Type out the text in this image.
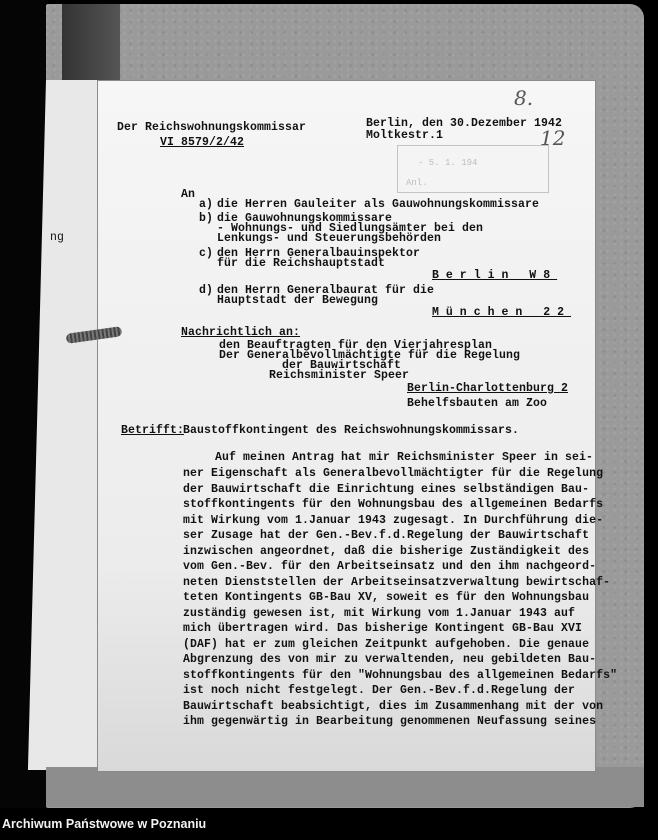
ng
Der Reichswohnungskommissar
VI 8579/2/42
Berlin, den 30.Dezember 1942
Moltkestr.1
8.
12
- 5. 1. 194
Anl.
An
a) die Herren Gauleiter als Gauwohnungskommissare
b) die Gauwohnungskommissare
- Wohnungs- und Siedlungsämter bei den
Lenkungs- und Steuerungsbehörden
c) den Herrn Generalbauinspektor
für die Reichshauptstadt
Berlin W8
d) den Herrn Generalbaurat für die
Hauptstadt der Bewegung
München 22
Nachrichtlich an:
den Beauftragten für den Vierjahresplan
Der Generalbevollmächtigte für die Regelung
der Bauwirtschaft
Reichsminister Speer
Berlin-Charlottenburg 2
Behelfsbauten am Zoo
Betrifft:
Baustoffkontingent des Reichswohnungskommissars.
Auf meinen Antrag hat mir Reichsminister Speer in sei-
ner Eigenschaft als Generalbevollmächtigter für die Regelung
der Bauwirtschaft die Einrichtung eines selbständigen Bau-
stoffkontingents für den Wohnungsbau des allgemeinen Bedarfs
mit Wirkung vom 1.Januar 1943 zugesagt. In Durchführung die-
ser Zusage hat der Gen.-Bev.f.d.Regelung der Bauwirtschaft
inzwischen angeordnet, daß die bisherige Zuständigkeit des
vom Gen.-Bev. für den Arbeitseinsatz und den ihm nachgeord-
neten Dienststellen der Arbeitseinsatzverwaltung bewirtschaf-
teten Kontingents GB-Bau XV, soweit es für den Wohnungsbau
zuständig gewesen ist, mit Wirkung vom 1.Januar 1943 auf
mich übertragen wird. Das bisherige Kontingent GB-Bau XVI
(DAF) hat er zum gleichen Zeitpunkt aufgehoben. Die genaue
Abgrenzung des von mir zu verwaltenden, neu gebildeten Bau-
stoffkontingents für den "Wohnungsbau des allgemeinen Bedarfs"
ist noch nicht festgelegt. Der Gen.-Bev.f.d.Regelung der
Bauwirtschaft beabsichtigt, dies im Zusammenhang mit der von
ihm gegenwärtig in Bearbeitung genommenen Neufassung seines
Archiwum Państwowe w Poznaniu
